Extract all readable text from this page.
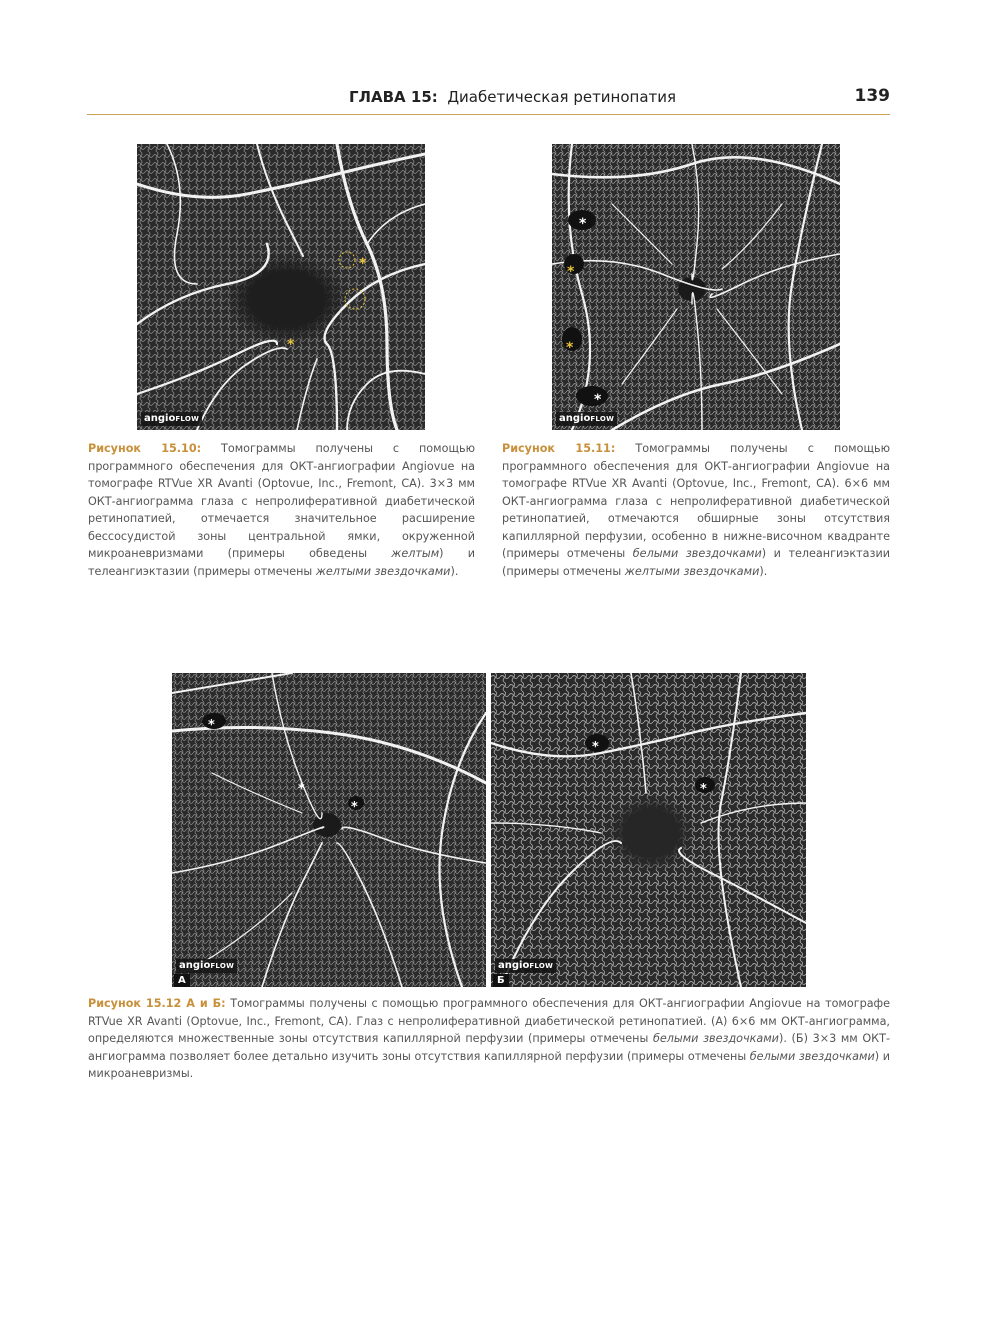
ГЛАВА 15: Диабетическая ретинопатия	139
*
*
angioFLOW
*
*
*
*
angioFLOW
Рисунок 15.10: Томограммы получены с помощью программного обеспечения для ОКТ-ангиографии Angiovue на томографе RTVue XR Avanti (Optovue, Inc., Fremont, CA). 3×3 мм ОКТ-ангиограмма глаза с непролиферативной диабетической ретинопатией, отмечается значительное расширение бессосудистой зоны центральной ямки, окруженной микроаневризмами (примеры обведены желтым) и телеангиэктазии (примеры отмечены желтыми звездочками).
Рисунок 15.11: Томограммы получены с помощью программного обеспечения для ОКТ-ангиографии Angiovue на томографе RTVue XR Avanti (Optovue, Inc., Fremont, CA). 6×6 мм ОКТ-ангиограмма глаза с непролиферативной диабетической ретинопатией, отмечаются обширные зоны отсутствия капиллярной перфузии, особенно в нижне-височном квадранте (примеры отмечены белыми звездочками) и телеангиэктазии (примеры отмечены желтыми звездочками).
*
*
*
angioFLOW
А
*
*
angioFLOW
Б
Рисунок 15.12 А и Б: Томограммы получены с помощью программного обеспечения для ОКТ-ангиографии Angiovue на томографе RTVue XR Avanti (Optovue, Inc., Fremont, CA). Глаз с непролиферативной диабетической ретинопатией. (А) 6×6 мм ОКТ-ангиограмма, определяются множественные зоны отсутствия капиллярной перфузии (примеры отмечены белыми звездочками). (Б) 3×3 мм ОКТ-ангиограмма позволяет более детально изучить зоны отсутствия капиллярной перфузии (примеры отмечены белыми звездочками) и микроаневризмы.
